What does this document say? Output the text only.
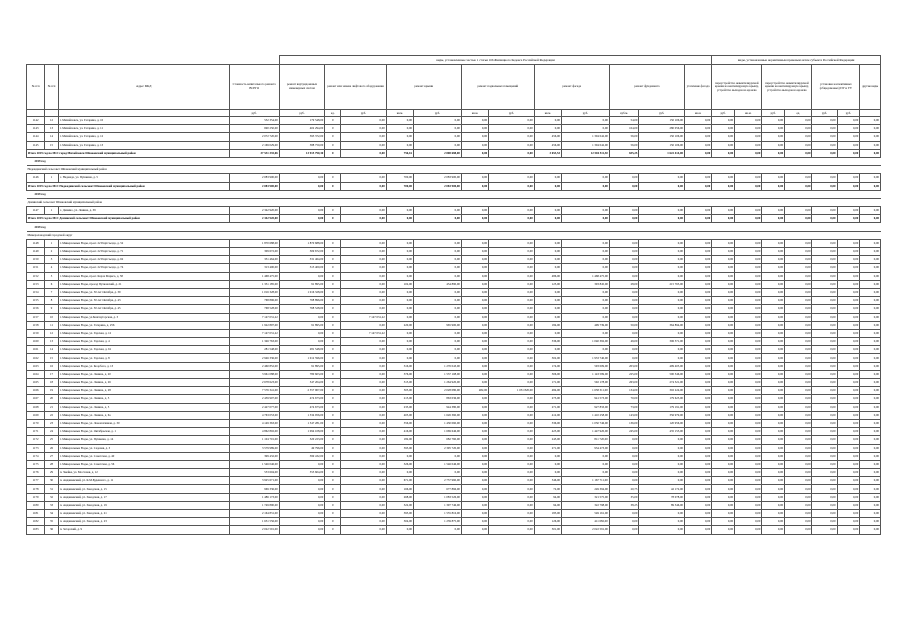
				виды, установленные частью 1 статьи 166 Жилищного Кодекса Российской Федерации												виды, установленные нормативным правовым актом субъекта Российской Федерации						
№ п/п	№ п/п	Адрес МКД	Стоимость капитального ремонта ВСЕГО	ремонт внутридомовых инженерных систем	ремонт или замена лифтового оборудования		ремонт крыши		ремонт подвальных помещений		ремонт фасада		ремонт фундамента		утепление фасада	переустройство невентилируемой крыши на вентилируемую крышу, устройство выходов на кровлю		переустройство невентилируемой крыши на вентилируемую крышу, устройство выходов на кровлю		установка коллективных (общедомовых) ПУ и УУ		другие виды
			руб.	руб.	ед.	руб.	кв.м.	руб.	кв.м.	руб.	кв.м.	руб.	куб.м.	руб.	кв.м.	руб.	кв.м.	руб.	ед.	руб.	руб.	
1142	12	г. Михайловск, ул. Гагарина, д. 10	532 354,00	179 548,00	0	0,00	0,00	0,00	0,00	0,00	0,00	0,00	54,00	150 106,00	0,00	0,00	0,00	0,00	0,00	0,00	0,00	0,00
1143	13	г. Михайловск, ул. Гагарина, д. 11	690 250,00	402 294,00	0	0,00	0,00	0,00	0,00	0,00	0,00	0,00	104,00	280 056,00	0,00	0,00	0,00	0,00	0,00	0,00	0,00	0,00
1144	14	г. Михайловск, ул. Гагарина, д. 12	2 072 720,00	593 372,00	0	0,00	0,00	0,00	0,00	0,00	456,00	1 304 042,00	56,00	150 106,00	0,00	0,00	0,00	0,00	0,00	0,00	0,00	0,00
1145	15	г. Михайловск, ул. Гагарина, д. 13	2 169 029,00	588 750,00	0	0,00	0,00	0,00	0,00	0,00	456,00	1 304 042,00	56,00	150 106,00	0,00	0,00	0,00	0,00	0,00	0,00	0,00	0,00
Итого 2019 год по МО: город Михайловск Шпаковский муниципальный район			37 531 335,06	13 915 790,30	0	0,00	756,16	2 808 688,00	0,00	0,00	3 653,53	12 504 511,30	655,25	1 622 414,00	0,00	0,00	0,00	0,00	0,00	0,00	0,00	0,00
2019 год																						
Надеждинский сельсовет Шпаковский муниципальный район																						
1146	1	с. Надежда, ул. Пушкина, д. 5	2 083 900,00	0,00	0	0,00	700,00	2 083 900,00	0,00	0,00	0,00	0,00	0,00	0,00	0,00	0,00	0,00	0,00	0,00	0,00	0,00	0,00
Итого 2019 год по МО: Надеждинский сельсовет Шпаковский муниципальный район			2 083 900,00	0,00	0	0,00	700,00	2 083 900,00	0,00	0,00	0,00	0,00	0,00	0,00	0,00	0,00	0,00	0,00	0,00	0,00	0,00	0,00
2019 год																						
Деминский сельсовет Шпаковский муниципальный район																						
1147	1	с. Демино, ул. Ленина, д. 39	2 342 920,00	0,00	0	0,00	0,00	0,00	0,00	0,00	0,00	0,00	0,00	0,00	0,00	0,00	0,00	0,00	0,00	0,00	0,00	0,00
Итого 2019 год по МО: Деминский сельсовет Шпаковский муниципальный район			2 342 920,00	0,00	0	0,00	0,00	0,00	0,00	0,00	0,00	0,00	0,00	0,00	0,00	0,00	0,00	0,00	0,00	0,00	0,00	0,00
2019 год																						
Минераловодский городской округ																						
1148	1	г. Минеральные Воды, пр-кт. 22 Партсъезда, д. 52	1 870 688,00	1 870 688,00	0	0,00	0,00	0,00	0,00	0,00	0,00	0,00	0,00	0,00	0,00	0,00	0,00	0,00	0,00	0,00	0,00	0,00
1149	2	г. Минеральные Воды, пр-кт. 22 Партсъезда, д. 71	309 672,00	309 672,00	0	0,00	0,00	0,00	0,00	0,00	0,00	0,00	0,00	0,00	0,00	0,00	0,00	0,00	0,00	0,00	0,00	0,00
1150	3	г. Минеральные Воды, пр-кт. 22 Партсъезда, д. 62	331 464,00	331 464,00	0	0,00	0,00	0,00	0,00	0,00	0,00	0,00	0,00	0,00	0,00	0,00	0,00	0,00	0,00	0,00	0,00	0,00
1151	4	г. Минеральные Воды, пр-кт. 22 Партсъезда, д. 74	313 400,00	313 400,00	0	0,00	0,00	0,00	0,00	0,00	0,00	0,00	0,00	0,00	0,00	0,00	0,00	0,00	0,00	0,00	0,00	0,00
1152	5	г. Минеральные Воды, пр-кт. Карла Маркса, д. 58	1 468 475,00	0,00	0	0,00	0,00	0,00	0,00	0,00	486,00	1 468 475,00	0,00	0,00	0,00	0,00	0,00	0,00	0,00	0,00	0,00	0,00
1153	6	г. Минеральные Воды, проезд Пулковский, д. 21	1 351 185,00	91 895,00	0	0,00	102,00	454 890,00	0,00	0,00	125,00	393 845,00	28,00	215 765,00	0,00	0,00	0,00	0,00	0,00	0,00	0,00	0,00
1154	7	г. Минеральные Воды, ул. 50 лет Октября, д. 39	1 016 328,00	1 016 328,00	0	0,00	0,00	0,00	0,00	0,00	0,00	0,00	0,00	0,00	0,00	0,00	0,00	0,00	0,00	0,00	0,00	0,00
1155	8	г. Минеральные Воды, ул. 50 лет Октября, д. 43	768 896,00	768 896,00	0	0,00	0,00	0,00	0,00	0,00	0,00	0,00	0,00	0,00	0,00	0,00	0,00	0,00	0,00	0,00	0,00	0,00
1156	9	г. Минеральные Воды, ул. 50 лет Октября, д. 45	768 528,00	768 528,00	0	0,00	0,00	0,00	0,00	0,00	0,00	0,00	0,00	0,00	0,00	0,00	0,00	0,00	0,00	0,00	0,00	0,00
1157	10	г. Минеральные Воды, ул.Бештаугорская, д. 3	7 147 031,22	0,00	0	7 147 031,22	0,00	0,00	0,00	0,00	0,00	0,00	0,00	0,00	0,00	0,00	0,00	0,00	0,00	0,00	0,00	0,00
1158	11	г. Минеральные Воды, ул. Гагарина, д. 256	1 922 897,00	91 895,00	0	0,00	220,00	965 900,00	0,00	0,00	184,00	499 739,00	50,00	364 894,00	0,00	0,00	0,00	0,00	0,00	0,00	0,00	0,00
1159	12	г. Минеральные Воды, ул. Горская, д. 12	7 147 031,22	0,00	0	7 147 031,22	0,00	0,00	0,00	0,00	0,00	0,00	0,00	0,00	0,00	0,00	0,00	0,00	0,00	0,00	0,00	0,00
1160	13	г. Минеральные Воды, ул. Горская, д. 4	1 346 763,00	0,00	0	0,00	0,00	0,00	0,00	0,00	336,00	1 040 392,00	49,00	306 371,00	0,00	0,00	0,00	0,00	0,00	0,00	0,00	0,00
1161	14	г. Минеральные Воды, ул. Горская, д. 61	281 548,00	281 548,00	0	0,00	0,00	0,00	0,00	0,00	0,00	0,00	0,00	0,00	0,00	0,00	0,00	0,00	0,00	0,00	0,00	0,00
1162	15	г. Минеральные Воды, ул. Горская, д. 8	2 946 336,00	1 012 596,00	0	0,00	0,00	0,00	0,00	0,00	302,00	1 933 740,00	0,00	0,00	0,00	0,00	0,00	0,00	0,00	0,00	0,00	0,00
1163	16	г. Минеральные Воды, ул. Коорбаса, д. 13	2 460 852,00	91 895,00	0	0,00	316,00	1 276 043,00	0,00	0,00	174,00	593 009,00	203,00	499 405,00	0,00	0,00	0,00	0,00	0,00	0,00	0,00	0,00
1164	17	г. Минеральные Воды, ул. Ленина, д. 20	3 961 088,00	780 603,00	0	0,00	376,00	1 537 108,00	0,00	0,00	306,00	1 143 599,00	225,00	500 346,00	0,00	0,00	0,00	0,00	0,00	0,00	0,00	0,00
1165	18	г. Минеральные Воды, ул. Ленина, д. 26	2 678 623,00	547 204,00	0	0,00	315,00	1 264 920,00	0,00	0,00	171,00	592 178,00	263,00	274 321,00	0,00	0,00	0,00	0,00	0,00	0,00	0,00	0,00
1166	19	г. Минеральные Воды, ул. Ленина, д. 28	7 576 341,00	2 557 907,00	0	0,00	505,00	2 028 080,00	482,00	1 031 820,00	484,00	1 658 311,00	134,00	302 224,00	0,00	0,00	0,00	0,00	0,00	0,00	0,00	0,00
1167	20	г. Минеральные Воды, ул. Ленина, д. 3	2 459 907,00	474 673,00	0	0,00	215,00	863 036,00	0,00	0,00	275,00	941 573,00	70,00	179 625,00	0,00	0,00	0,00	0,00	0,00	0,00	0,00	0,00
1168	21	г. Минеральные Воды, ул. Ленина, д. 5	2 427 077,00	474 673,00	0	0,00	235,00	944 380,00	0,00	0,00	271,00	927 833,00	73,00	179 191,00	0,00	0,00	0,00	0,00	0,00	0,00	0,00	0,00
1169	22	г. Минеральные Воды, ул. Ленина, д. 6а	4 763 053,00	1 334 956,00	0	0,00	405,00	1 626 360,00	0,00	0,00	412,00	1 410 258,00	143,00	356 979,00	0,00	0,00	0,00	0,00	0,00	0,00	0,00	0,00
1170	23	г. Минеральные Воды, ул. Локомотивная, д. 30	4 149 363,00	1 547 281,00	0	0,00	356,00	1 430 060,00	0,00	0,00	336,00	1 050 746,00	136,00	120 956,00	0,00	0,00	0,00	0,00	0,00	0,00	0,00	0,00
1171	24	г. Минеральные Воды, ул. Октябрьская, д. 1	4 862 802,00	1 094 108,00	0	0,00	416,00	1 669 646,00	0,00	0,00	425,00	1 447 920,00	245,00	435 153,00	0,00	0,00	0,00	0,00	0,00	0,00	0,00	0,00
1172	25	г. Минеральные Воды, ул. Пушкина, д. 14	1 104 701,00	320 223,00	0	0,00	182,00	682 760,00	0,00	0,00	243,00	811 720,00	0,00	0,00	0,00	0,00	0,00	0,00	0,00	0,00	0,00	0,00
1173	26	г. Минеральные Воды, ул. Садовая, д. 3	3 579 989,00	49 796,00	0	0,00	595,00	2 395 720,00	0,00	0,00	271,00	934 473,00	0,00	0,00	0,00	0,00	0,00	0,00	0,00	0,00	0,00	0,00
1174	27	г. Минеральные Воды, ул. Советская, д. 40	399 432,00	399 432,00	0	0,00	0,00	0,00	0,00	0,00	0,00	0,00	0,00	0,00	0,00	0,00	0,00	0,00	0,00	0,00	0,00	0,00
1175	28	г. Минеральные Воды, ул. Советская, д. 56	1 546 046,00	0,00	0	0,00	326,00	1 546 046,00	0,00	0,00	0,00	0,00	0,00	0,00	0,00	0,00	0,00	0,00	0,00	0,00	0,00	0,00
1176	29	п. Змейка, ул. Мостовая, д. 12	553 604,00	553 604,00	0	0,00	0,00	0,00	0,00	0,00	0,00	0,00	0,00	0,00	0,00	0,00	0,00	0,00	0,00	0,00	0,00	0,00
1177	30	п. Анджиевский, ул. К.М.Буденного, д. 11	3 925 671,00	0,00	0	0,00	671,00	2 757 960,00	0,00	0,00	546,00	1 167 711,00	0,00	0,00	0,00	0,00	0,00	0,00	0,00	0,00	0,00	0,00
1178	31	п. Анджиевский, ул. Заводская, д. 15	969 336,00	0,00	0	0,00	166,00	677 866,00	0,00	0,00	72,00	249 394,00	20,75	42 172,00	0,00	0,00	0,00	0,00	0,00	0,00	0,00	0,00
1179	32	п. Анджиевский, ул. Заводская, д. 17	1 486 173,00	0,00	0	0,00	268,00	1 083 526,00	0,00	0,00	94,00	321 575,00	35,00	78 078,00	0,00	0,00	0,00	0,00	0,00	0,00	0,00	0,00
1180	33	п. Анджиевский, ул. Заводская, д. 19	1 749 890,00	0,00	0	0,00	322,00	1 397 746,00	0,00	0,00	94,00	322 798,00	38,25	89 346,00	0,00	0,00	0,00	0,00	0,00	0,00	0,00	0,00
1181	34	п. Анджиевский, ул. Заводская, д. 21	2 164 831,00	0,00	0	0,00	395,00	1 555 816,00	0,00	0,00	183,00	549 161,00	0,00	0,00	0,00	0,00	0,00	0,00	0,00	0,00	0,00	0,00
1182	35	п. Анджиевский, ул. Заводская, д. 23	1 651 556,00	0,00	0	0,00	304,00	1 239 875,00	0,00	0,00	126,00	411 682,00	0,00	0,00	0,00	0,00	0,00	0,00	0,00	0,00	0,00	0,00
1183	36	п. Загорский, д. 9	2 022 591,00	0,00	0	0,00	0,00	0,00	0,00	0,00	501,00	2 022 591,00	0,00	0,00	0,00	0,00	0,00	0,00	0,00	0,00	0,00	0,00
